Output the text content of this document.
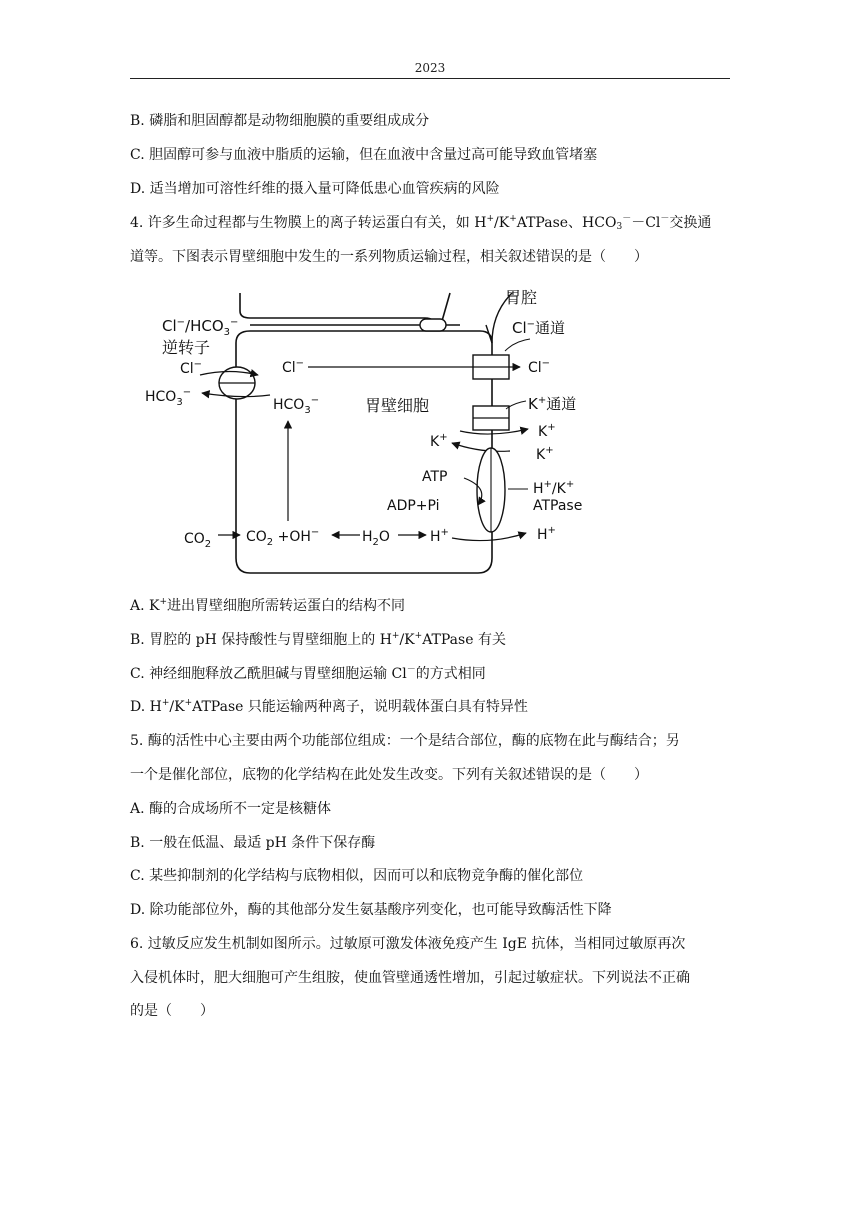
2023
B. 磷脂和胆固醇都是动物细胞膜的重要组成成分
C. 胆固醇可参与血液中脂质的运输，但在血液中含量过高可能导致血管堵塞
D. 适当增加可溶性纤维的摄入量可降低患心血管疾病的风险
4. 许多生命过程都与生物膜上的离子转运蛋白有关，如 H+/K+ATPase、$HCO_3^--Cl^-$交换通
道等。下图表示胃壁细胞中发生的一系列物质运输过程，相关叙述错误的是（　　）
胃腔
$Cl^-/HCO_3^-$
逆转子
Cl−
$HCO_3^-$
Cl−
$HCO_3^-$	胃壁细胞
Cl−通道
Cl−
K+通道
K+	K+
K+
ATP
ADP+Pi
H+/K+
ATPase
H+
$CO_2$ $CO_2 +OH^-$	$H_2O$	H+
A. K+进出胃壁细胞所需转运蛋白的结构不同
B. 胃腔的 pH 保持酸性与胃壁细胞上的 H+/K+ATPase 有关
C. 神经细胞释放乙酰胆碱与胃壁细胞运输 Cl－的方式相同
D. H+/K+ATPase 只能运输两种离子，说明载体蛋白具有特异性
5. 酶的活性中心主要由两个功能部位组成：一个是结合部位，酶的底物在此与酶结合；另
一个是催化部位，底物的化学结构在此处发生改变。下列有关叙述错误的是（　　）
A. 酶的合成场所不一定是核糖体
B. 一般在低温、最适 pH 条件下保存酶
C. 某些抑制剂的化学结构与底物相似，因而可以和底物竞争酶的催化部位
D. 除功能部位外，酶的其他部分发生氨基酸序列变化，也可能导致酶活性下降
6. 过敏反应发生机制如图所示。过敏原可激发体液免疫产生 IgE 抗体，当相同过敏原再次
入侵机体时，肥大细胞可产生组胺，使血管壁通透性增加，引起过敏症状。下列说法不正确
的是（　　）
